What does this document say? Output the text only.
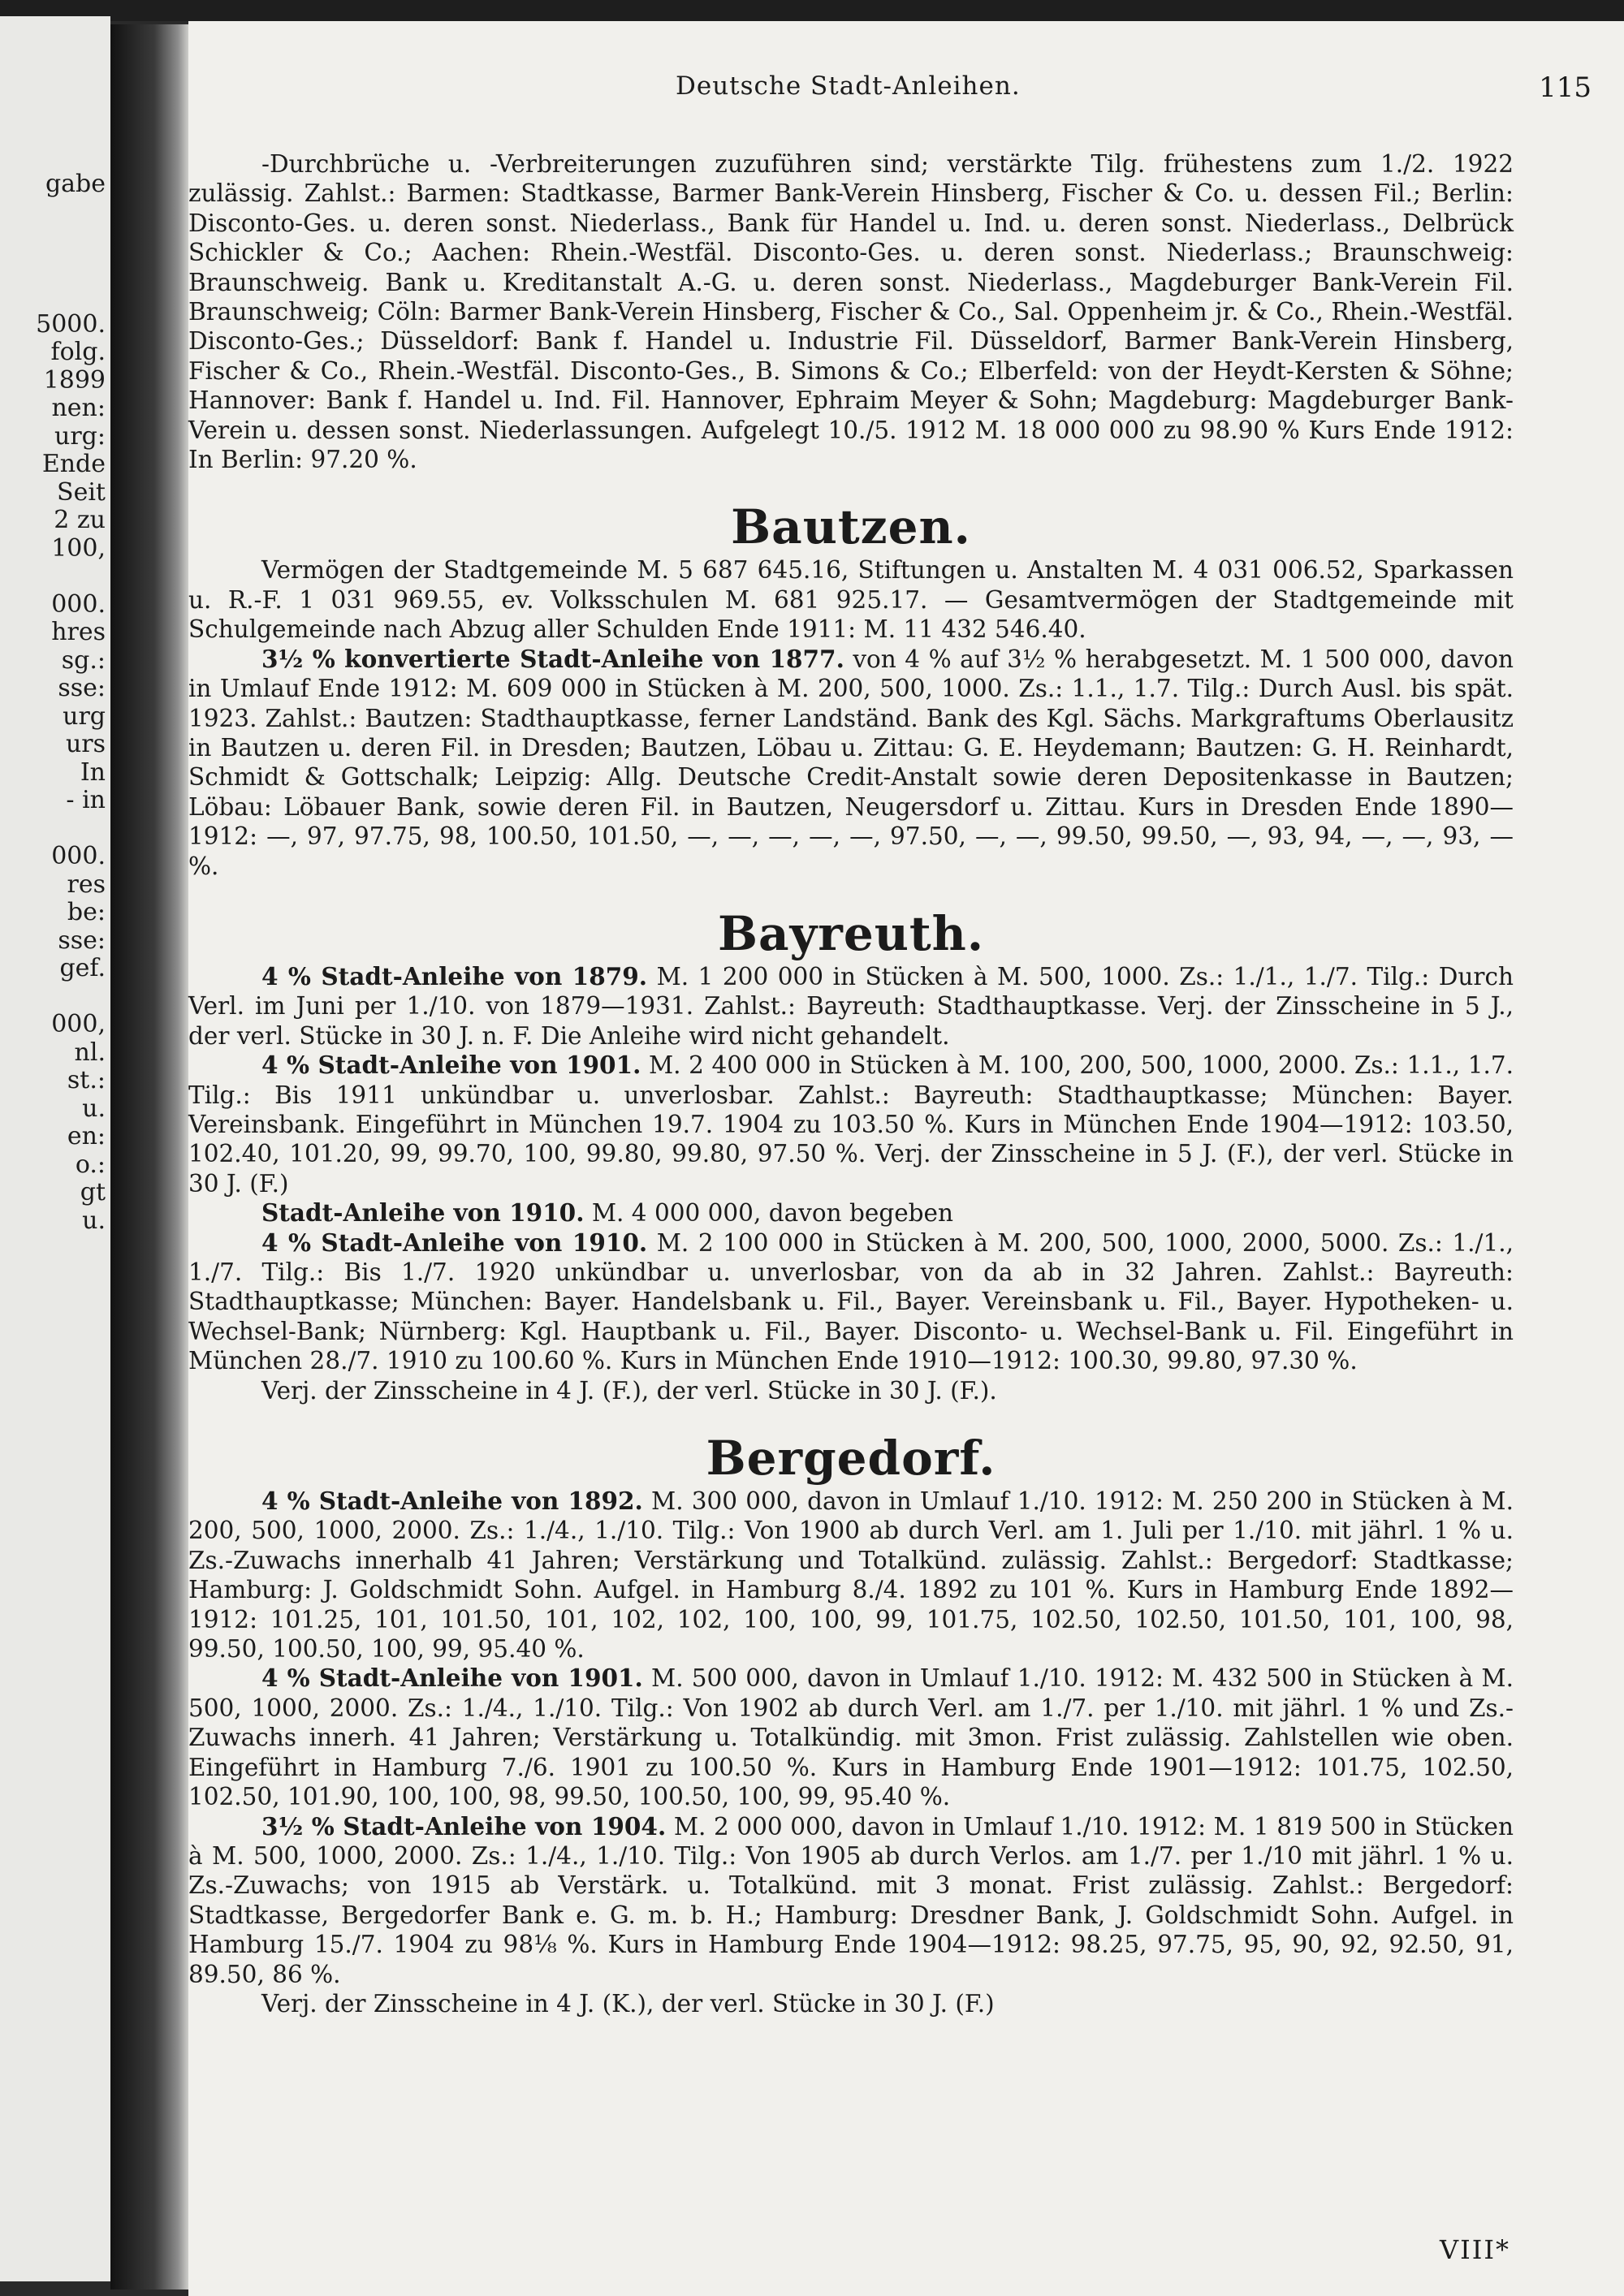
gabe
5000.
folg.
1899
nen:
urg:
Ende
Seit
2 zu
100,
000.
hres
sg.:
sse:
urg
urs
In
- in
000.
res
be:
sse:
gef.
000,
nl.
st.:
u.
en:
o.:
gt
u.
Deutsche Stadt-Anleihen.	115

-Durchbrüche u. -Verbreiterungen zuzuführen sind; verstärkte Tilg. frühestens zum 1./2. 1922 zulässig. Zahlst.: Barmen: Stadtkasse, Barmer Bank-Verein Hinsberg, Fischer & Co. u. dessen Fil.; Berlin: Disconto-Ges. u. deren sonst. Niederlass., Bank für Handel u. Ind. u. deren sonst. Niederlass., Delbrück Schickler & Co.; Aachen: Rhein.-Westfäl. Disconto-Ges. u. deren sonst. Niederlass.; Braunschweig: Braunschweig. Bank u. Kreditanstalt A.-G. u. deren sonst. Niederlass., Magdeburger Bank-Verein Fil. Braunschweig; Cöln: Barmer Bank-Verein Hinsberg, Fischer & Co., Sal. Oppenheim jr. & Co., Rhein.-Westfäl. Disconto-Ges.; Düsseldorf: Bank f. Handel u. Industrie Fil. Düsseldorf, Barmer Bank-Verein Hinsberg, Fischer & Co., Rhein.-Westfäl. Disconto-Ges., B. Simons & Co.; Elberfeld: von der Heydt-Kersten & Söhne; Hannover: Bank f. Handel u. Ind. Fil. Hannover, Ephraim Meyer & Sohn; Magdeburg: Magdeburger Bank-Verein u. dessen sonst. Niederlassungen. Aufgelegt 10./5. 1912 M. 18 000 000 zu 98.90 % Kurs Ende 1912: In Berlin: 97.20 %.

Bautzen.

Vermögen der Stadtgemeinde M. 5 687 645.16, Stiftungen u. Anstalten M. 4 031 006.52, Sparkassen u. R.-F. 1 031 969.55, ev. Volksschulen M. 681 925.17. — Gesamtvermögen der Stadtgemeinde mit Schulgemeinde nach Abzug aller Schulden Ende 1911: M. 11 432 546.40.

3½ % konvertierte Stadt-Anleihe von 1877. von 4 % auf 3½ % herabgesetzt. M. 1 500 000, davon in Umlauf Ende 1912: M. 609 000 in Stücken à M. 200, 500, 1000. Zs.: 1.1., 1.7. Tilg.: Durch Ausl. bis spät. 1923. Zahlst.: Bautzen: Stadthauptkasse, ferner Landständ. Bank des Kgl. Sächs. Markgraftums Oberlausitz in Bautzen u. deren Fil. in Dresden; Bautzen, Löbau u. Zittau: G. E. Heydemann; Bautzen: G. H. Reinhardt, Schmidt & Gottschalk; Leipzig: Allg. Deutsche Credit-Anstalt sowie deren Depositenkasse in Bautzen; Löbau: Löbauer Bank, sowie deren Fil. in Bautzen, Neugersdorf u. Zittau. Kurs in Dresden Ende 1890—1912: —, 97, 97.75, 98, 100.50, 101.50, —, —, —, —, —, 97.50, —, —, 99.50, 99.50, —, 93, 94, —, —, 93, — %.

Bayreuth.

4 % Stadt-Anleihe von 1879. M. 1 200 000 in Stücken à M. 500, 1000. Zs.: 1./1., 1./7. Tilg.: Durch Verl. im Juni per 1./10. von 1879—1931. Zahlst.: Bayreuth: Stadthauptkasse. Verj. der Zinsscheine in 5 J., der verl. Stücke in 30 J. n. F. Die Anleihe wird nicht gehandelt.

4 % Stadt-Anleihe von 1901. M. 2 400 000 in Stücken à M. 100, 200, 500, 1000, 2000. Zs.: 1.1., 1.7. Tilg.: Bis 1911 unkündbar u. unverlosbar. Zahlst.: Bayreuth: Stadthauptkasse; München: Bayer. Vereinsbank. Eingeführt in München 19.7. 1904 zu 103.50 %. Kurs in München Ende 1904—1912: 103.50, 102.40, 101.20, 99, 99.70, 100, 99.80, 99.80, 97.50 %. Verj. der Zinsscheine in 5 J. (F.), der verl. Stücke in 30 J. (F.)

Stadt-Anleihe von 1910. M. 4 000 000, davon begeben

4 % Stadt-Anleihe von 1910. M. 2 100 000 in Stücken à M. 200, 500, 1000, 2000, 5000. Zs.: 1./1., 1./7. Tilg.: Bis 1./7. 1920 unkündbar u. unverlosbar, von da ab in 32 Jahren. Zahlst.: Bayreuth: Stadthauptkasse; München: Bayer. Handelsbank u. Fil., Bayer. Vereinsbank u. Fil., Bayer. Hypotheken- u. Wechsel-Bank; Nürnberg: Kgl. Hauptbank u. Fil., Bayer. Disconto- u. Wechsel-Bank u. Fil. Eingeführt in München 28./7. 1910 zu 100.60 %. Kurs in München Ende 1910—1912: 100.30, 99.80, 97.30 %.

Verj. der Zinsscheine in 4 J. (F.), der verl. Stücke in 30 J. (F.).

Bergedorf.

4 % Stadt-Anleihe von 1892. M. 300 000, davon in Umlauf 1./10. 1912: M. 250 200 in Stücken à M. 200, 500, 1000, 2000. Zs.: 1./4., 1./10. Tilg.: Von 1900 ab durch Verl. am 1. Juli per 1./10. mit jährl. 1 % u. Zs.-Zuwachs innerhalb 41 Jahren; Verstärkung und Totalkünd. zulässig. Zahlst.: Bergedorf: Stadtkasse; Hamburg: J. Goldschmidt Sohn. Aufgel. in Hamburg 8./4. 1892 zu 101 %. Kurs in Hamburg Ende 1892—1912: 101.25, 101, 101.50, 101, 102, 102, 100, 100, 99, 101.75, 102.50, 102.50, 101.50, 101, 100, 98, 99.50, 100.50, 100, 99, 95.40 %.

4 % Stadt-Anleihe von 1901. M. 500 000, davon in Umlauf 1./10. 1912: M. 432 500 in Stücken à M. 500, 1000, 2000. Zs.: 1./4., 1./10. Tilg.: Von 1902 ab durch Verl. am 1./7. per 1./10. mit jährl. 1 % und Zs.-Zuwachs innerh. 41 Jahren; Verstärkung u. Totalkündig. mit 3mon. Frist zulässig. Zahlstellen wie oben. Eingeführt in Hamburg 7./6. 1901 zu 100.50 %. Kurs in Hamburg Ende 1901—1912: 101.75, 102.50, 102.50, 101.90, 100, 100, 98, 99.50, 100.50, 100, 99, 95.40 %.

3½ % Stadt-Anleihe von 1904. M. 2 000 000, davon in Umlauf 1./10. 1912: M. 1 819 500 in Stücken à M. 500, 1000, 2000. Zs.: 1./4., 1./10. Tilg.: Von 1905 ab durch Verlos. am 1./7. per 1./10 mit jährl. 1 % u. Zs.-Zuwachs; von 1915 ab Verstärk. u. Totalkünd. mit 3 monat. Frist zulässig. Zahlst.: Bergedorf: Stadtkasse, Bergedorfer Bank e. G. m. b. H.; Hamburg: Dresdner Bank, J. Goldschmidt Sohn. Aufgel. in Hamburg 15./7. 1904 zu 98⅛ %. Kurs in Hamburg Ende 1904—1912: 98.25, 97.75, 95, 90, 92, 92.50, 91, 89.50, 86 %.

Verj. der Zinsscheine in 4 J. (K.), der verl. Stücke in 30 J. (F.)

VIII*
